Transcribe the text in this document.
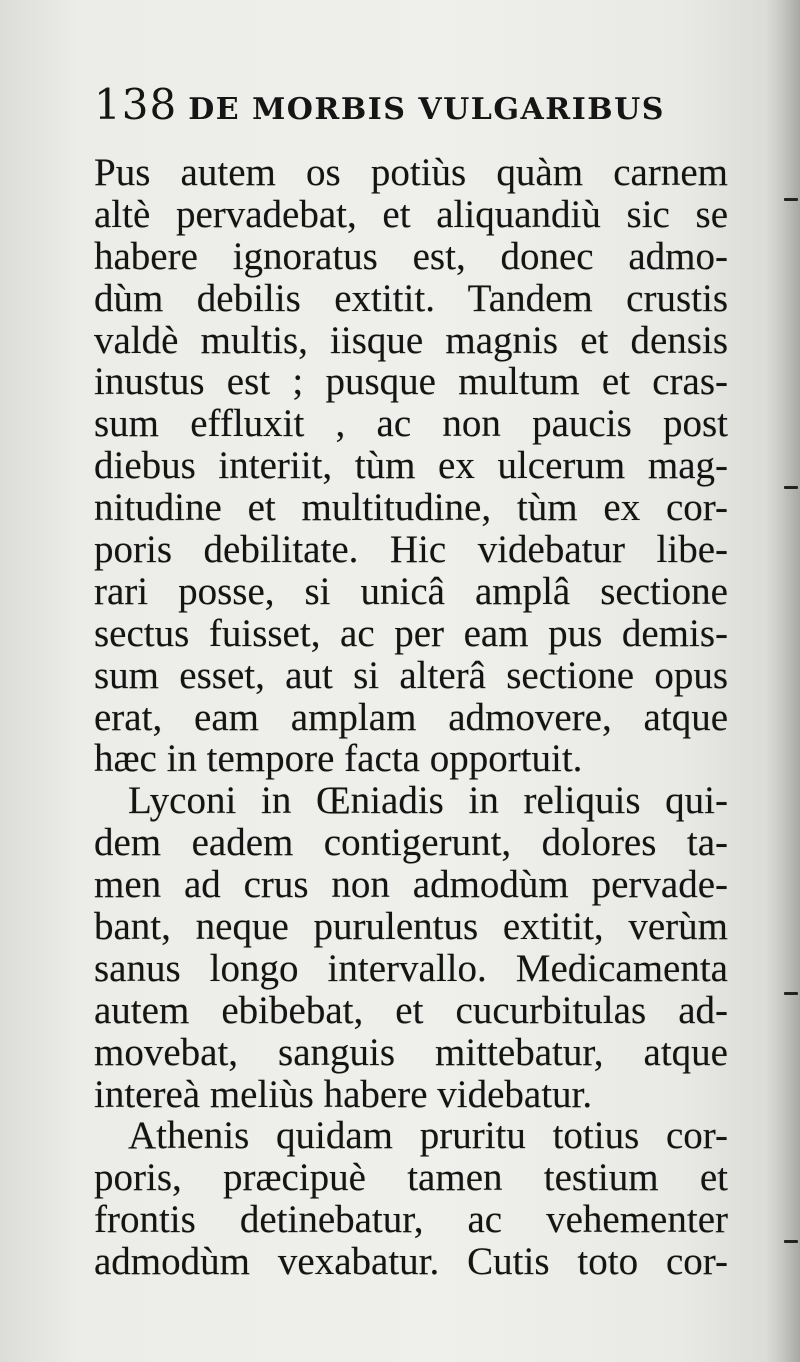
138 DE MORBIS VULGARIBUS
Pus autem os potiùs quàm carnem
altè pervadebat, et aliquandiù sic se
habere ignoratus est, donec admo-
dùm debilis extitit. Tandem crustis
valdè multis, iisque magnis et densis
inustus est ; pusque multum et cras-
sum effluxit , ac non paucis post
diebus interiit, tùm ex ulcerum mag-
nitudine et multitudine, tùm ex cor-
poris debilitate. Hic videbatur libe-
rari posse, si unicâ amplâ sectione
sectus fuisset, ac per eam pus demis-
sum esset, aut si alterâ sectione opus
erat, eam amplam admovere, atque
hæc in tempore facta opportuit.
Lyconi in Œniadis in reliquis qui-
dem eadem contigerunt, dolores ta-
men ad crus non admodùm pervade-
bant, neque purulentus extitit, verùm
sanus longo intervallo. Medicamenta
autem ebibebat, et cucurbitulas ad-
movebat, sanguis mittebatur, atque
intereà meliùs habere videbatur.
Athenis quidam pruritu totius cor-
poris, præcipuè tamen testium et
frontis detinebatur, ac vehementer
admodùm vexabatur. Cutis toto cor-
